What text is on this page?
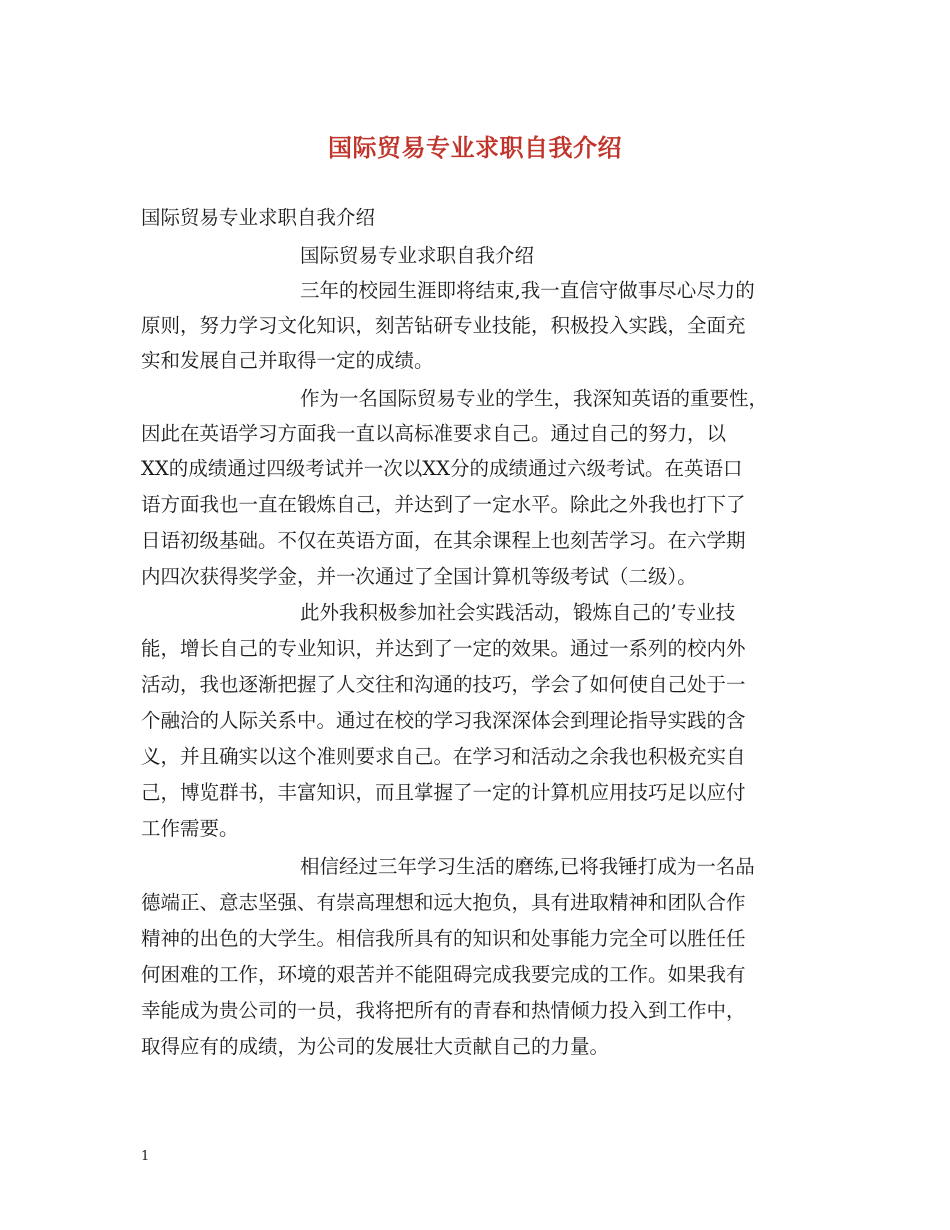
国际贸易专业求职自我介绍
国际贸易专业求职自我介绍
国际贸易专业求职自我介绍
三年的校园生涯即将结束,我一直信守做事尽心尽力的
原则，努力学习文化知识，刻苦钻研专业技能，积极投入实践，全面充
实和发展自己并取得一定的成绩。
作为一名国际贸易专业的学生，我深知英语的重要性，
因此在英语学习方面我一直以高标准要求自己。通过自己的努力，以
XX的成绩通过四级考试并一次以XX分的成绩通过六级考试。在英语口
语方面我也一直在锻炼自己，并达到了一定水平。除此之外我也打下了
日语初级基础。不仅在英语方面，在其余课程上也刻苦学习。在六学期
内四次获得奖学金，并一次通过了全国计算机等级考试（二级）。
此外我积极参加社会实践活动，锻炼自己的’专业技
能，增长自己的专业知识，并达到了一定的效果。通过一系列的校内外
活动，我也逐渐把握了人交往和沟通的技巧，学会了如何使自己处于一
个融洽的人际关系中。通过在校的学习我深深体会到理论指导实践的含
义，并且确实以这个准则要求自己。在学习和活动之余我也积极充实自
己，博览群书，丰富知识，而且掌握了一定的计算机应用技巧足以应付
工作需要。
相信经过三年学习生活的磨练,已将我锤打成为一名品
德端正、意志坚强、有崇高理想和远大抱负，具有进取精神和团队合作
精神的出色的大学生。相信我所具有的知识和处事能力完全可以胜任任
何困难的工作，环境的艰苦并不能阻碍完成我要完成的工作。如果我有
幸能成为贵公司的一员，我将把所有的青春和热情倾力投入到工作中，
取得应有的成绩，为公司的发展壮大贡献自己的力量。
1
